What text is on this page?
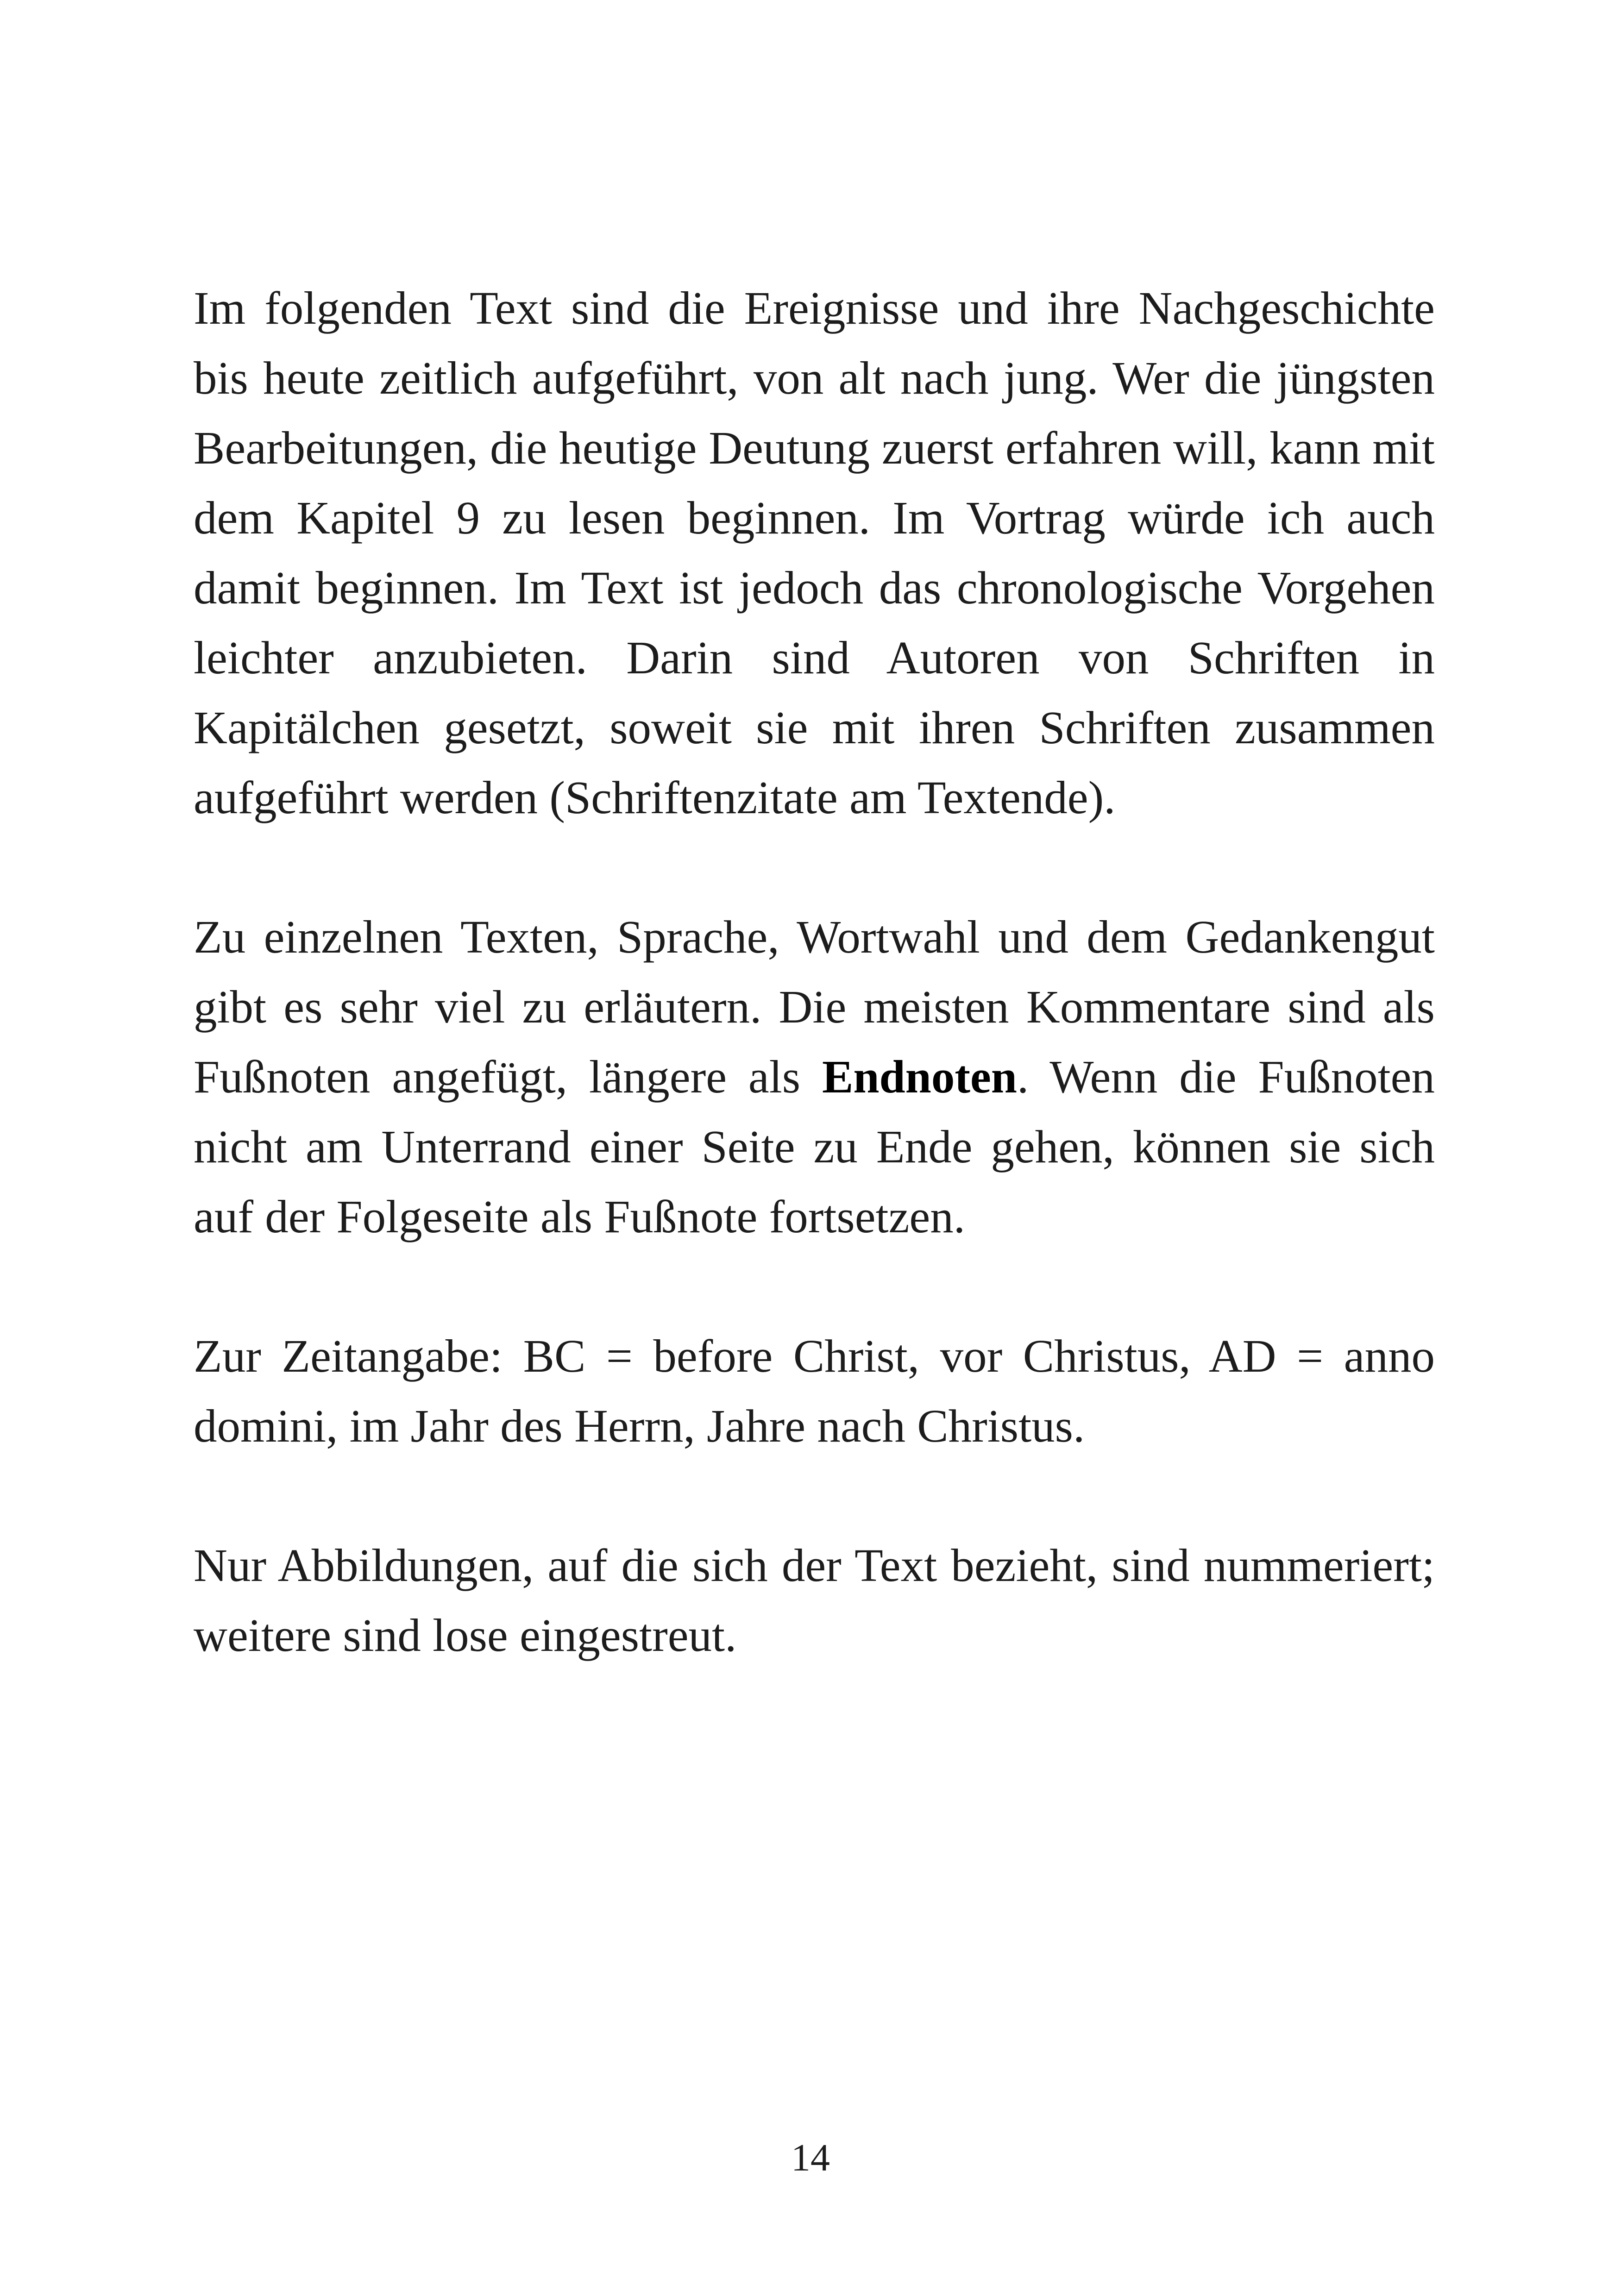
Im folgenden Text sind die Ereignisse und ihre Nachgeschichte bis heute zeitlich aufgeführt, von alt nach jung. Wer die jüngsten Bearbeitungen, die heutige Deutung zuerst erfahren will, kann mit dem Kapitel 9 zu lesen beginnen. Im Vortrag würde ich auch damit beginnen. Im Text ist jedoch das chronologische Vorgehen leichter anzubieten. Darin sind Autoren von Schriften in Kapitälchen gesetzt, soweit sie mit ihren Schriften zusammen aufgeführt werden (Schriftenzitate am Textende).

Zu einzelnen Texten, Sprache, Wortwahl und dem Gedankengut gibt es sehr viel zu erläutern. Die meisten Kommentare sind als Fußnoten angefügt, längere als Endnoten. Wenn die Fußnoten nicht am Unterrand einer Seite zu Ende gehen, können sie sich auf der Folgeseite als Fußnote fortsetzen.

Zur Zeitangabe: BC = before Christ, vor Christus, AD = anno domini, im Jahr des Herrn, Jahre nach Christus.

Nur Abbildungen, auf die sich der Text bezieht, sind nummeriert; weitere sind lose eingestreut.

14
